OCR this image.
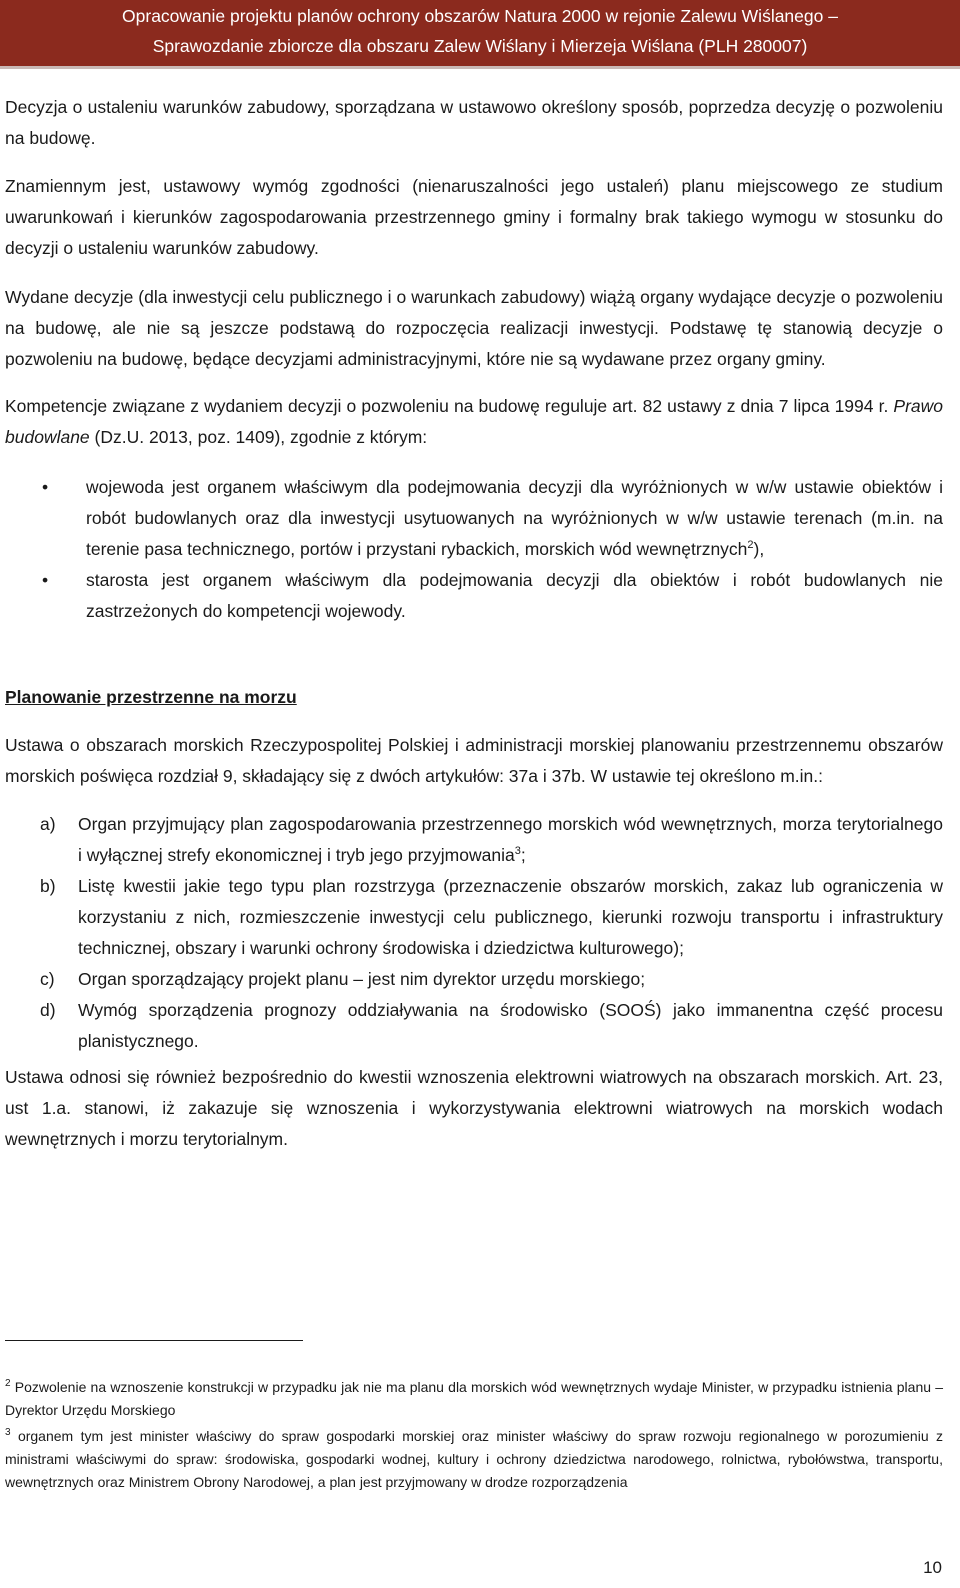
Opracowanie projektu planów ochrony obszarów Natura 2000 w rejonie Zalewu Wiślanego –
Sprawozdanie zbiorcze dla obszaru Zalew Wiślany i Mierzeja Wiślana (PLH 280007)

Decyzja o ustaleniu warunków zabudowy, sporządzana w ustawowo określony sposób, poprzedza decyzję o pozwoleniu na budowę.

Znamiennym jest, ustawowy wymóg zgodności (nienaruszalności jego ustaleń) planu miejscowego ze studium uwarunkowań i kierunków zagospodarowania przestrzennego gminy i formalny brak takiego wymogu w stosunku do decyzji o ustaleniu warunków zabudowy.

Wydane decyzje (dla inwestycji celu publicznego i o warunkach zabudowy) wiążą organy wydające decyzje o pozwoleniu na budowę, ale nie są jeszcze podstawą do rozpoczęcia realizacji inwestycji. Podstawę tę stanowią decyzje o pozwoleniu na budowę, będące decyzjami administracyjnymi, które nie są wydawane przez organy gminy.

Kompetencje związane z wydaniem decyzji o pozwoleniu na budowę reguluje art. 82 ustawy z dnia 7 lipca 1994 r. Prawo budowlane (Dz.U. 2013, poz. 1409), zgodnie z którym:

• wojewoda jest organem właściwym dla podejmowania decyzji dla wyróżnionych w w/w ustawie obiektów i robót budowlanych oraz dla inwestycji usytuowanych na wyróżnionych w w/w ustawie terenach (m.in. na terenie pasa technicznego, portów i przystani rybackich, morskich wód wewnętrznych$^2$),
• starosta jest organem właściwym dla podejmowania decyzji dla obiektów i robót budowlanych nie zastrzeżonych do kompetencji wojewody.

Planowanie przestrzenne na morzu

Ustawa o obszarach morskich Rzeczypospolitej Polskiej i administracji morskiej planowaniu przestrzennemu obszarów morskich poświęca rozdział 9, składający się z dwóch artykułów: 37a i 37b. W ustawie tej określono m.in.:

a) Organ przyjmujący plan zagospodarowania przestrzennego morskich wód wewnętrznych, morza terytorialnego i wyłącznej strefy ekonomicznej i tryb jego przyjmowania$^3$;
b) Listę kwestii jakie tego typu plan rozstrzyga (przeznaczenie obszarów morskich, zakaz lub ograniczenia w korzystaniu z nich, rozmieszczenie inwestycji celu publicznego, kierunki rozwoju transportu i infrastruktury technicznej, obszary i warunki ochrony środowiska i dziedzictwa kulturowego);
c) Organ sporządzający projekt planu – jest nim dyrektor urzędu morskiego;
d) Wymóg sporządzenia prognozy oddziaływania na środowisko (SOOŚ) jako immanentna część procesu planistycznego.

Ustawa odnosi się również bezpośrednio do kwestii wznoszenia elektrowni wiatrowych na obszarach morskich. Art. 23, ust 1.a. stanowi, iż zakazuje się wznoszenia i wykorzystywania elektrowni wiatrowych na morskich wodach wewnętrznych i morzu terytorialnym.

$^2$ Pozwolenie na wznoszenie konstrukcji w przypadku jak nie ma planu dla morskich wód wewnętrznych wydaje Minister, w przypadku istnienia planu – Dyrektor Urzędu Morskiego

$^3$ organem tym jest minister właściwy do spraw gospodarki morskiej oraz minister właściwy do spraw rozwoju regionalnego w porozumieniu z ministrami właściwymi do spraw: środowiska, gospodarki wodnej, kultury i ochrony dziedzictwa narodowego, rolnictwa, rybołówstwa, transportu, wewnętrznych oraz Ministrem Obrony Narodowej, a plan jest przyjmowany w drodze rozporządzenia

10
